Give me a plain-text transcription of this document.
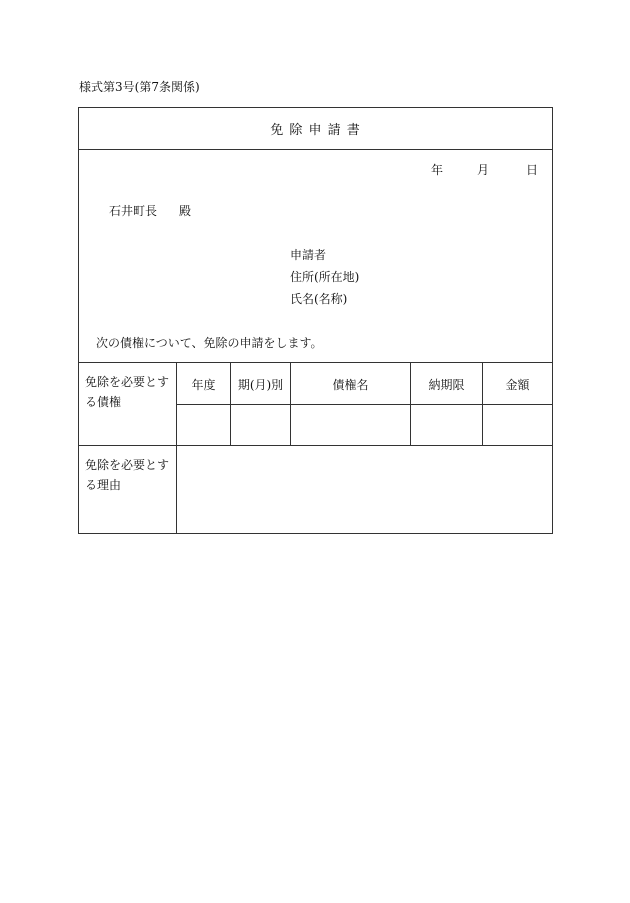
様式第3号(第7条関係)
免 除 申 請 書
年	月	日
石井町長 殿
申請者
住所(所在地)
氏名(名称)
次の債権について、免除の申請をします。
免除を必要とす
る債権
年度	期(月)別	債権名	納期限	金額
免除を必要とす
る理由
